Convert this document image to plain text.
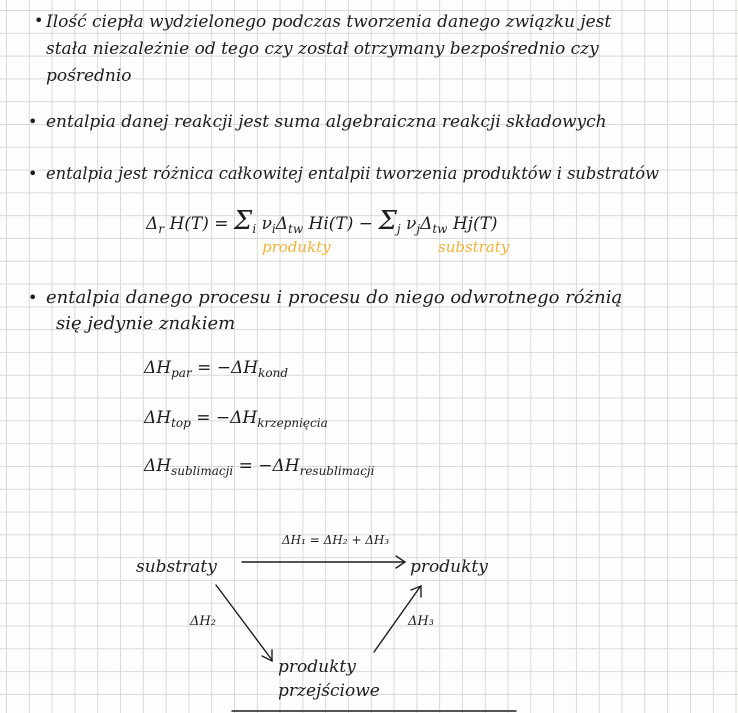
• Ilość ciepła wydzielonego podczas tworzenia danego związku jest
stała niezależnie od tego czy został otrzymany bezpośrednio czy
pośrednio
• entalpia danej reakcji jest suma algebraiczna reakcji składowych
• entalpia jest różnica całkowitej entalpii tworzenia produktów i substratów
$\Delta_r$ $H(T) = \Sigma_i$ $\nu_i\Delta_{tw}$ $Hi(T) - \Sigma_j$ $\nu_j\Delta_{tw}$ Hj(T)
produkty	substraty
• entalpia danego procesu i procesu do niego odwrotnego różnią
się jedynie znakiem
$\Delta H_{par} = -\Delta H_{kond}$
$\Delta H_{top} = -\Delta H_{krzepnięcia}$
$\Delta H_{sublimacji} = -\Delta H_{resublimacji}$
ΔH₁ = ΔH₂ + ΔH₃
substraty	produkty
produkty
przejściowe
ΔH₂	ΔH₃
